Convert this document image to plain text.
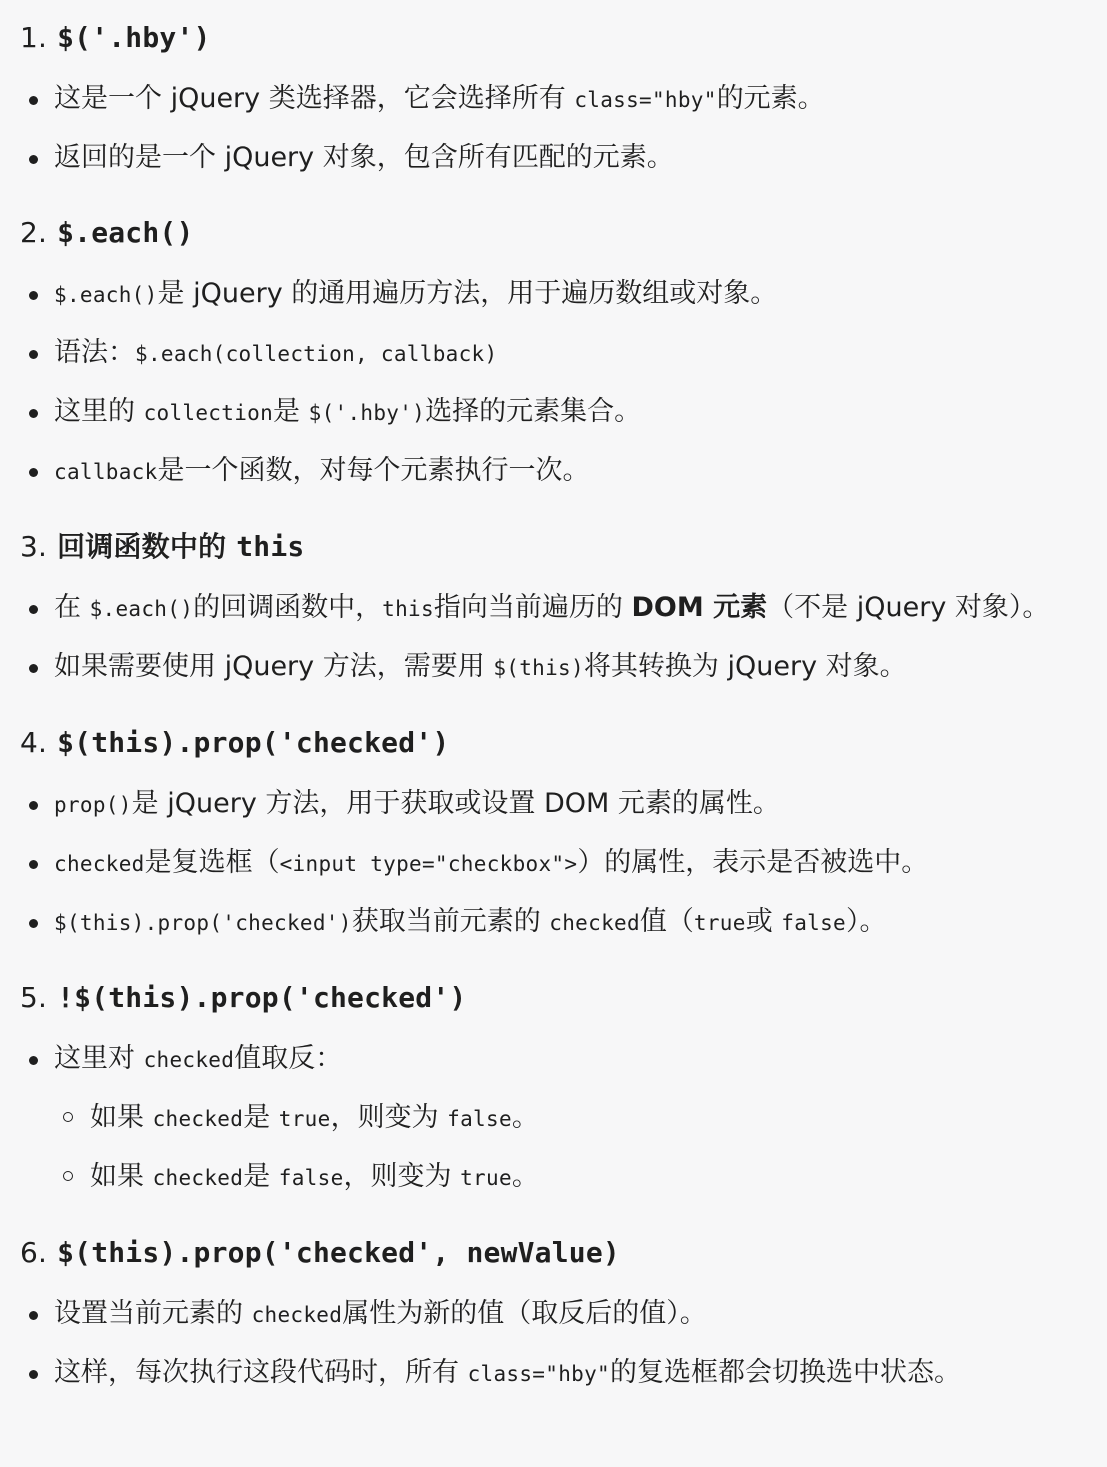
1. $('.hby')
这是一个 jQuery 类选择器，它会选择所有 class="hby"的元素。
返回的是一个 jQuery 对象，包含所有匹配的元素。
2. $.each()
$.each()是 jQuery 的通用遍历方法，用于遍历数组或对象。
语法：$.each(collection, callback)
这里的 collection是 $('.hby')选择的元素集合。
callback是一个函数，对每个元素执行一次。
3. 回调函数中的 this
在 $.each()的回调函数中，this指向当前遍历的 DOM 元素（不是 jQuery 对象）。
如果需要使用 jQuery 方法，需要用 $(this)将其转换为 jQuery 对象。
4. $(this).prop('checked')
prop()是 jQuery 方法，用于获取或设置 DOM 元素的属性。
checked是复选框（<input type="checkbox">）的属性，表示是否被选中。
$(this).prop('checked')获取当前元素的 checked值（true或 false）。
5. !$(this).prop('checked')
这里对 checked值取反：
如果 checked是 true，则变为 false。
如果 checked是 false，则变为 true。
6. $(this).prop('checked', newValue)
设置当前元素的 checked属性为新的值（取反后的值）。
这样，每次执行这段代码时，所有 class="hby"的复选框都会切换选中状态。
